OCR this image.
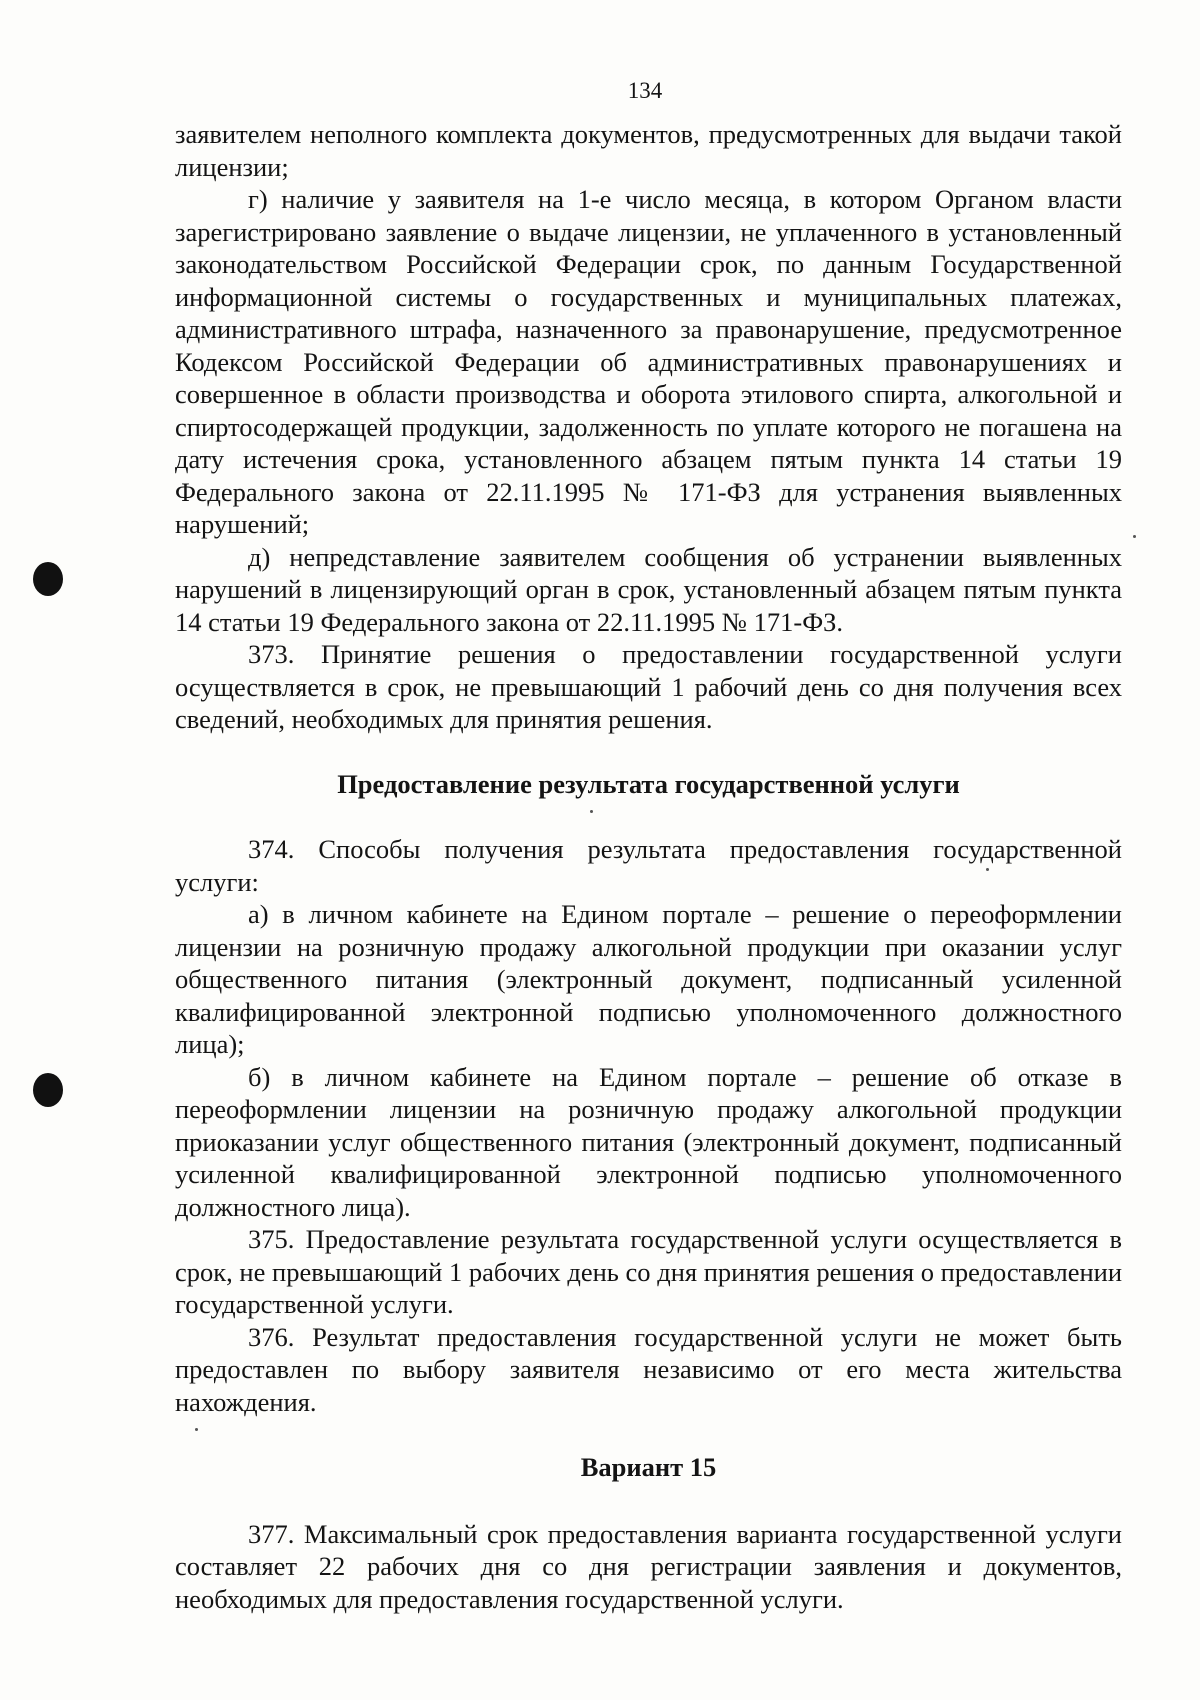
134

заявителем неполного комплекта документов, предусмотренных для выдачи такой лицензии;

г) наличие у заявителя на 1-е число месяца, в котором Органом власти зарегистрировано заявление о выдаче лицензии, не уплаченного в установленный законодательством Российской Федерации срок, по данным Государственной информационной системы о государственных и муниципальных платежах, административного штрафа, назначенного за правонарушение, предусмотренное Кодексом Российской Федерации об административных правонарушениях и совершенное в области производства и оборота этилового спирта, алкогольной и спиртосодержащей продукции, задолженность по уплате которого не погашена на дату истечения срока, установленного абзацем пятым пункта 14 статьи 19 Федерального закона от 22.11.1995 № 171-ФЗ для устранения выявленных нарушений;

д) непредставление заявителем сообщения об устранении выявленных нарушений в лицензирующий орган в срок, установленный абзацем пятым пункта 14 статьи 19 Федерального закона от 22.11.1995 № 171-ФЗ.

373. Принятие решения о предоставлении государственной услуги осуществляется в срок, не превышающий 1 рабочий день со дня получения всех сведений, необходимых для принятия решения.

Предоставление результата государственной услуги

374. Способы получения результата предоставления государственной услуги:

а) в личном кабинете на Едином портале – решение о переоформлении лицензии на розничную продажу алкогольной продукции при оказании услуг общественного питания (электронный документ, подписанный усиленной квалифицированной электронной подписью уполномоченного должностного лица);

б) в личном кабинете на Едином портале – решение об отказе в переоформлении лицензии на розничную продажу алкогольной продукции приоказании услуг общественного питания (электронный документ, подписанный усиленной квалифицированной электронной подписью уполномоченного должностного лица).

375. Предоставление результата государственной услуги осуществляется в срок, не превышающий 1 рабочих день со дня принятия решения о предоставлении государственной услуги.

376. Результат предоставления государственной услуги не может быть предоставлен по выбору заявителя независимо от его места жительства нахождения.

Вариант 15

377. Максимальный срок предоставления варианта государственной услуги составляет 22 рабочих дня со дня регистрации заявления и документов, необходимых для предоставления государственной услуги.
